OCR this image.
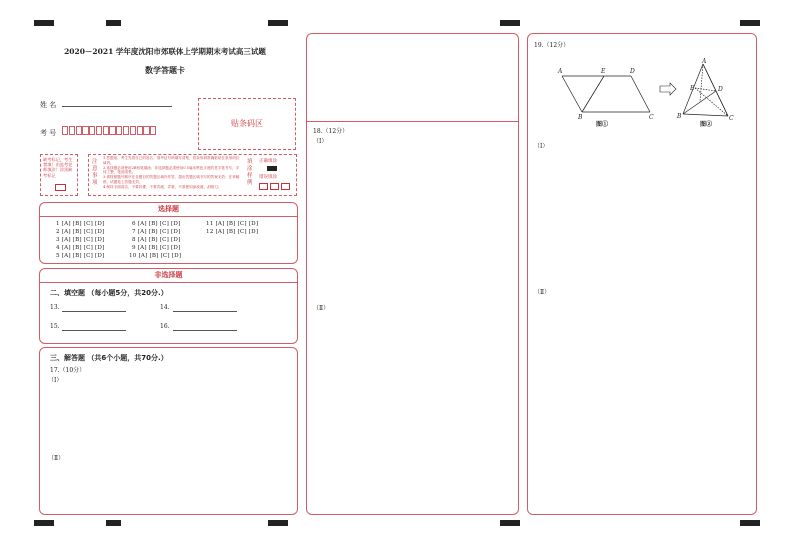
2020－2021 学年度沈阳市郊联体上学期期末考试高三试题
数学答题卡
姓 名
考 号
贴条码区
缺考标记，考生禁填！由监考老师填涂！涂黑缺考标记
注意事项
1.答题前，考生先将自己的姓名、准考证号码填写清楚，将条形码准确粘贴在条形码区域内。
2.选择题必须使用2B铅笔填涂；非选择题必须使用0.5毫米黑色字迹的签字笔书写，字体工整，笔迹清楚。
3.请按照题号顺序在各题目的答题区域内作答，超出答题区域书写的答案无效；在草稿纸、试题卷上答题无效。
4.保持卡面清洁，不要折叠，不要弄破、弄皱，不准使用涂改液、刮纸刀。
填涂样例
正确填涂
错误填涂
选择题
1 [A] [B] [C] [D]
2 [A] [B] [C] [D]
3 [A] [B] [C] [D]
4 [A] [B] [C] [D]
5 [A] [B] [C] [D]
6 [A] [B] [C] [D]
7 [A] [B] [C] [D]
8 [A] [B] [C] [D]
9 [A] [B] [C] [D]
10 [A] [B] [C] [D]
11 [A] [B] [C] [D]
12 [A] [B] [C] [D]
非选择题
二、填空题 （每小题5分，共20分.）
13.	14.
15.	16.
三、解答题 （共6个小题，共70分.）
17.（10分）
（Ⅰ）
（Ⅱ）
18.（12分）
（Ⅰ）
（Ⅱ）
19.（12分）
A	E	D
B	C
图①
A
E	D
B	C
图②
（Ⅰ）
（Ⅱ）
